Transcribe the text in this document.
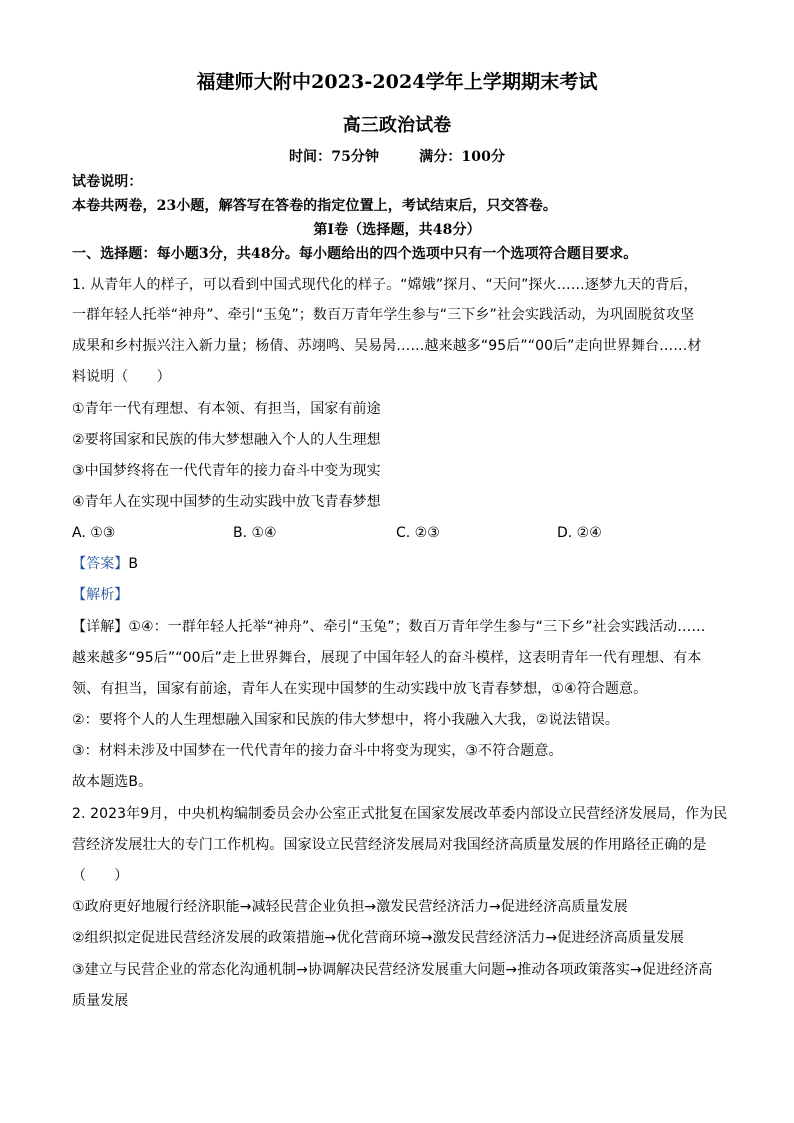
福建师大附中2023-2024学年上学期期末考试
高三政治试卷
时间：75分钟	满分：100分
试卷说明：
本卷共两卷，23小题，解答写在答卷的指定位置上，考试结束后，只交答卷。
第Ⅰ卷（选择题，共48分）
一、选择题：每小题3分，共48分。每小题给出的四个选项中只有一个选项符合题目要求。
1. 从青年人的样子，可以看到中国式现代化的样子。“嫦娥”探月、“天问”探火……逐梦九天的背后，
一群年轻人托举“神舟”、牵引“玉兔”；数百万青年学生参与“三下乡”社会实践活动，为巩固脱贫攻坚
成果和乡村振兴注入新力量；杨倩、苏翊鸣、吴易昺……越来越多“95后”“00后”走向世界舞台……材
料说明（　　）
①青年一代有理想、有本领、有担当，国家有前途
②要将国家和民族的伟大梦想融入个人的人生理想
③中国梦终将在一代代青年的接力奋斗中变为现实
④青年人在实现中国梦的生动实践中放飞青春梦想
A. ①③	B. ①④	C. ②③	D. ②④
【答案】B
【解析】
【详解】①④：一群年轻人托举“神舟”、牵引“玉兔”；数百万青年学生参与“三下乡”社会实践活动……
越来越多“95后”“00后”走上世界舞台，展现了中国年轻人的奋斗模样，这表明青年一代有理想、有本
领、有担当，国家有前途，青年人在实现中国梦的生动实践中放飞青春梦想，①④符合题意。
②：要将个人的人生理想融入国家和民族的伟大梦想中，将小我融入大我，②说法错误。
③：材料未涉及中国梦在一代代青年的接力奋斗中将变为现实，③不符合题意。
故本题选B。
2. 2023年9月，中央机构编制委员会办公室正式批复在国家发展改革委内部设立民营经济发展局，作为民
营经济发展壮大的专门工作机构。国家设立民营经济发展局对我国经济高质量发展的作用路径正确的是
（　　）
①政府更好地履行经济职能→减轻民营企业负担→激发民营经济活力→促进经济高质量发展
②组织拟定促进民营经济发展的政策措施→优化营商环境→激发民营经济活力→促进经济高质量发展
③建立与民营企业的常态化沟通机制→协调解决民营经济发展重大问题→推动各项政策落实→促进经济高
质量发展
